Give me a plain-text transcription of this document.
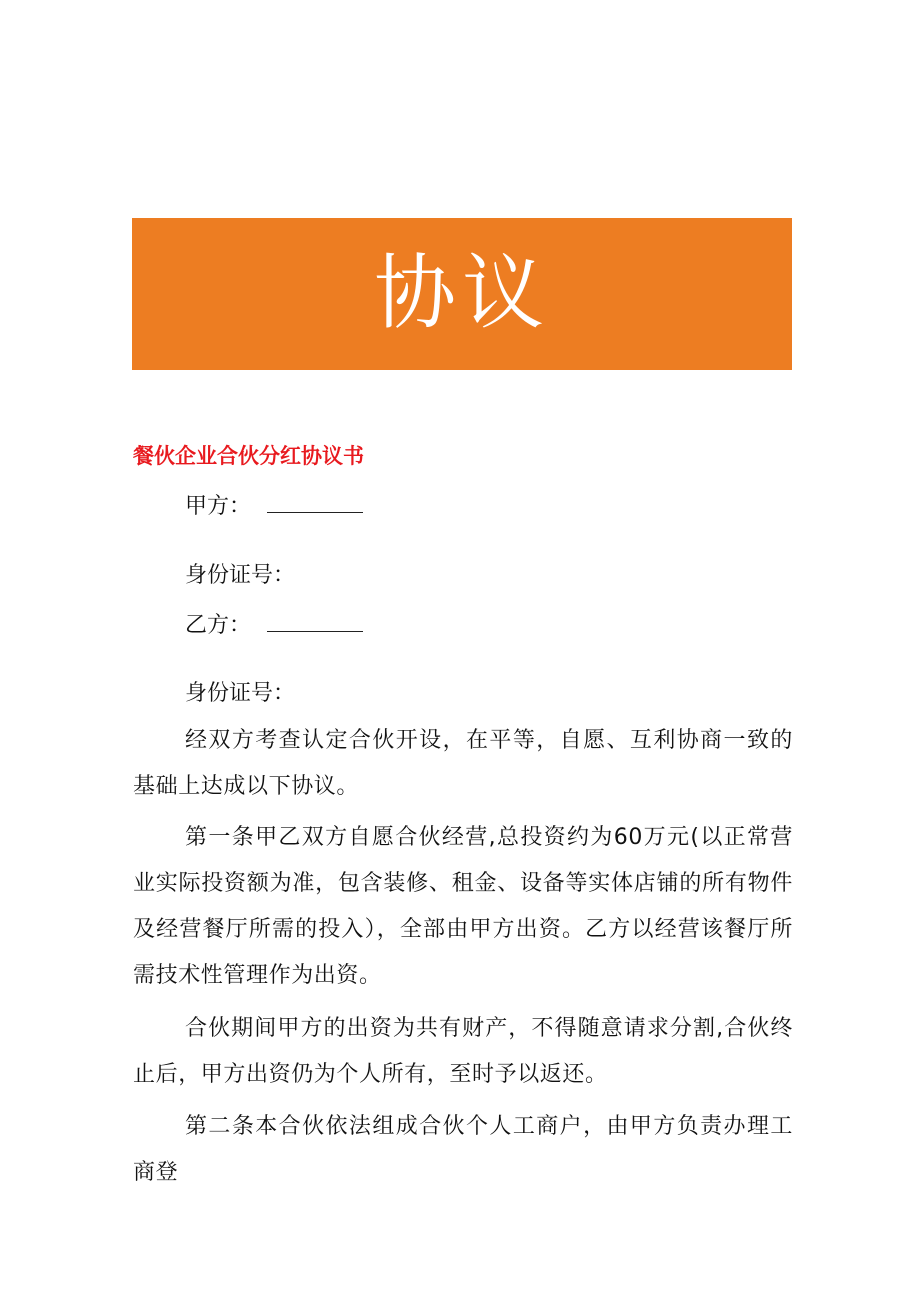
协议
餐伙企业合伙分红协议书
甲方：
身份证号：
乙方：
身份证号：
经双方考查认定合伙开设，在平等，自愿、互利协商一致的基础上达成以下协议。
第一条甲乙双方自愿合伙经营,总投资约为60万元(以正常营业实际投资额为准，包含装修、租金、设备等实体店铺的所有物件及经营餐厅所需的投入），全部由甲方出资。乙方以经营该餐厅所需技术性管理作为出资。
合伙期间甲方的出资为共有财产，不得随意请求分割,合伙终止后，甲方出资仍为个人所有，至时予以返还。
第二条本合伙依法组成合伙个人工商户，由甲方负责办理工商登
